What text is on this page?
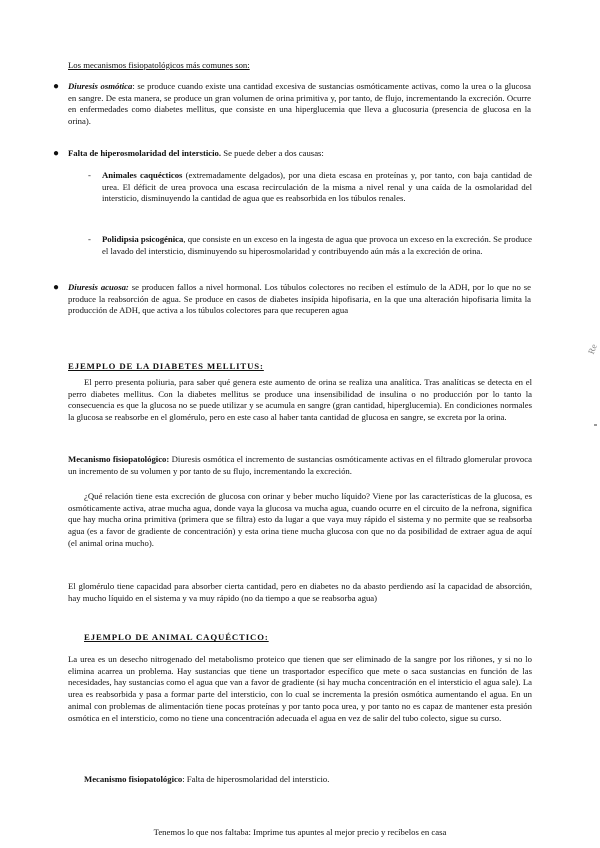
Los mecanismos fisiopatológicos más comunes son:

● Diuresis osmótica: se produce cuando existe una cantidad excesiva de sustancias osmóticamente activas, como la urea o la glucosa en sangre. De esta manera, se produce un gran volumen de orina primitiva y, por tanto, de flujo, incrementando la excreción. Ocurre en enfermedades como diabetes mellitus, que consiste en una hiperglucemia que lleva a glucosuria (presencia de glucosa en la orina).

● Falta de hiperosmolaridad del intersticio. Se puede deber a dos causas:

- Animales caquécticos (extremadamente delgados), por una dieta escasa en proteínas y, por tanto, con baja cantidad de urea. El déficit de urea provoca una escasa recirculación de la misma a nivel renal y una caída de la osmolaridad del intersticio, disminuyendo la cantidad de agua que es reabsorbida en los túbulos renales.

- Polidipsia psicogénica, que consiste en un exceso en la ingesta de agua que provoca un exceso en la excreción. Se produce el lavado del intersticio, disminuyendo su hiperosmolaridad y contribuyendo aún más a la excreción de orina.

● Diuresis acuosa: se producen fallos a nivel hormonal. Los túbulos colectores no reciben el estímulo de la ADH, por lo que no se produce la reabsorción de agua. Se produce en casos de diabetes insípida hipofisaria, en la que una alteración hipofisaria limita la producción de ADH, que activa a los túbulos colectores para que recuperen agua

EJEMPLO DE LA DIABETES MELLITUS:

El perro presenta poliuria, para saber qué genera este aumento de orina se realiza una analítica. Tras analíticas se detecta en el perro diabetes mellitus. Con la diabetes mellitus se produce una insensibilidad de insulina o no producción por lo tanto la consecuencia es que la glucosa no se puede utilizar y se acumula en sangre (gran cantidad, hiperglucemia). En condiciones normales la glucosa se reabsorbe en el glomérulo, pero en este caso al haber tanta cantidad de glucosa en sangre, se excreta por la orina.

Mecanismo fisiopatológico: Diuresis osmótica el incremento de sustancias osmóticamente activas en el filtrado glomerular provoca un incremento de su volumen y por tanto de su flujo, incrementando la excreción.

¿Qué relación tiene esta excreción de glucosa con orinar y beber mucho líquido? Viene por las características de la glucosa, es osmóticamente activa, atrae mucha agua, donde vaya la glucosa va mucha agua, cuando ocurre en el circuito de la nefrona, significa que hay mucha orina primitiva (primera que se filtra) esto da lugar a que vaya muy rápido el sistema y no permite que se reabsorba agua (es a favor de gradiente de concentración) y esta orina tiene mucha glucosa con que no da posibilidad de extraer agua de aquí (el animal orina mucho).

El glomérulo tiene capacidad para absorber cierta cantidad, pero en diabetes no da abasto perdiendo así la capacidad de absorción, hay mucho líquido en el sistema y va muy rápido (no da tiempo a que se reabsorba agua)

EJEMPLO DE ANIMAL CAQUÉCTICO:

La urea es un desecho nitrogenado del metabolismo proteico que tienen que ser eliminado de la sangre por los riñones, y si no lo elimina acarrea un problema. Hay sustancias que tiene un trasportador específico que mete o saca sustancias en función de las necesidades, hay sustancias como el agua que van a favor de gradiente (si hay mucha concentración en el intersticio el agua sale). La urea es reabsorbida y pasa a formar parte del intersticio, con lo cual se incrementa la presión osmótica aumentando el agua. En un animal con problemas de alimentación tiene pocas proteínas y por tanto poca urea, y por tanto no es capaz de mantener esta presión osmótica en el intersticio, como no tiene una concentración adecuada el agua en vez de salir del tubo colecto, sigue su curso.

Mecanismo fisiopatológico: Falta de hiperosmolaridad del intersticio.

Tenemos lo que nos faltaba: Imprime tus apuntes al mejor precio y recíbelos en casa
Re
